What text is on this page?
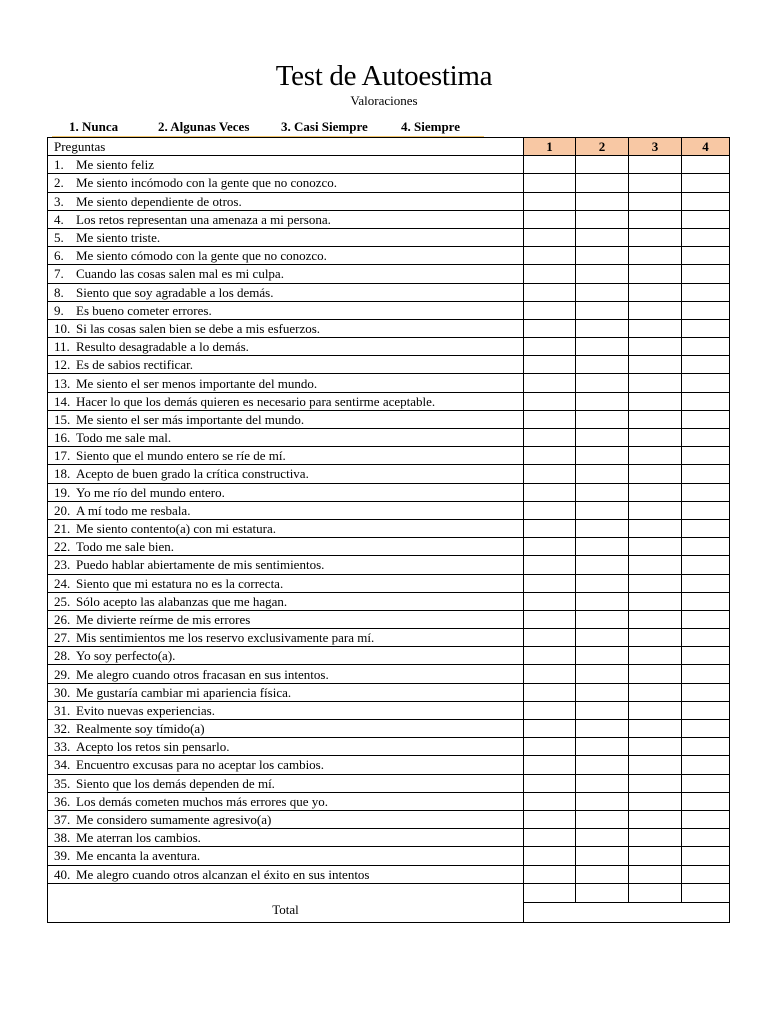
Test de Autoestima
Valoraciones
1. Nunca	2. Algunas Veces 3. Casi Siempre	4. Siempre
Preguntas	1	2	3	4
1. Me siento feliz				
2. Me siento incómodo con la gente que no conozco.				
3. Me siento dependiente de otros.				
4. Los retos representan una amenaza a mi persona.				
5. Me siento triste.				
6. Me siento cómodo con la gente que no conozco.				
7. Cuando las cosas salen mal es mi culpa.				
8. Siento que soy agradable a los demás.				
9. Es bueno cometer errores.				
10. Si las cosas salen bien se debe a mis esfuerzos.				
11. Resulto desagradable a lo demás.				
12. Es de sabios rectificar.				
13. Me siento el ser menos importante del mundo.				
14. Hacer lo que los demás quieren es necesario para sentirme aceptable.				
15. Me siento el ser más importante del mundo.				
16. Todo me sale mal.				
17. Siento que el mundo entero se ríe de mí.				
18. Acepto de buen grado la crítica constructiva.				
19. Yo me río del mundo entero.				
20. A mí todo me resbala.				
21. Me siento contento(a) con mi estatura.				
22. Todo me sale bien.				
23. Puedo hablar abiertamente de mis sentimientos.				
24. Siento que mi estatura no es la correcta.				
25. Sólo acepto las alabanzas que me hagan.				
26. Me divierte reírme de mis errores				
27. Mis sentimientos me los reservo exclusivamente para mí.				
28. Yo soy perfecto(a).				
29. Me alegro cuando otros fracasan en sus intentos.				
30. Me gustaría cambiar mi apariencia física.				
31. Evito nuevas experiencias.				
32. Realmente soy tímido(a)				
33. Acepto los retos sin pensarlo.				
34. Encuentro excusas para no aceptar los cambios.				
35. Siento que los demás dependen de mí.				
36. Los demás cometen muchos más errores que yo.				
37. Me considero sumamente agresivo(a)				
38. Me aterran los cambios.				
39. Me encanta la aventura.				
40. Me alegro cuando otros alcanzan el éxito en sus intentos				
Total				
